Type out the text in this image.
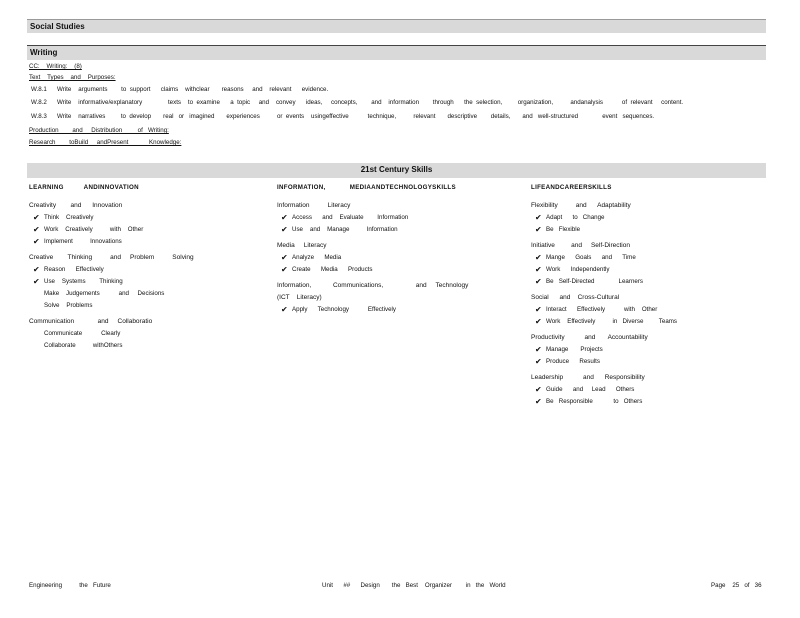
Social Studies
Writing
CC:    Writing:    (8)
Text    Types    and    Purposes:
W.8.1 Write    arguments        to  support      claims    withclear       reasons     and    relevant      evidence.
W.8.2 Write    informative/explanatory               texts    to  examine      a  topic     and    convey      ideas,     concepts,        and    information        through      the  selection,         organization,          andanalysis           of  relevant     content.
W.8.3 Write    narratives         to  develop       real   or   imagined       experiences          or  events    usingeffective           technique,          relevant       descriptive        details,       and   well-structured              event   sequences.
Production        and     Distribution         of   Writing:
Research        toBuild     andPresent            Knowledge:
21st Century Skills
LEARNING          ANDINNOVATION
Creativity        and      Innovation
✔ Think    Creatively
✔ Work    Creatively          with    Other
✔ Implement          Innovations
Creative        Thinking          and     Problem          Solving
✔ Reason      Effectively
✔ Use    Systems        Thinking
Make    Judgements           and     Decisions
Solve    Problems
Communication             and     Collaboratio
Communicate           Clearly
Collaborate          withOthers
INFORMATION,            MEDIAANDTECHNOLOGYSKILLS
Information          Literacy
✔ Access      and    Evaluate        Information
✔ Use    and    Manage          Information
Media     Literacy
✔ Analyze      Media
✔ Create      Media      Products
Information,            Communications,                  and     Technology
(ICT    Literacy)
✔ Apply      Technology           Effectively
LIFEANDCAREERSKILLS
Flexibility          and      Adaptability
✔ Adapt      to   Change
✔ Be   Flexible
Initiative         and     Self-Direction
✔ Mange      Goals      and      Time
✔ Work      Independently
✔ Be   Self-Directed              Learners
Social      and    Cross-Cultural
✔ Interact      Effectively           with    Other
✔ Work    Effectively          in   Diverse         Teams
Productivity           and       Accountability
✔ Manage       Projects
✔ Produce      Results
Leadership           and      Responsibility
✔ Guide      and     Lead      Others
✔ Be   Responsible            to   Others
Engineering          the   Future	Unit      ##      Design       the   Best    Organizer        in   the   World	Page    25   of   36
